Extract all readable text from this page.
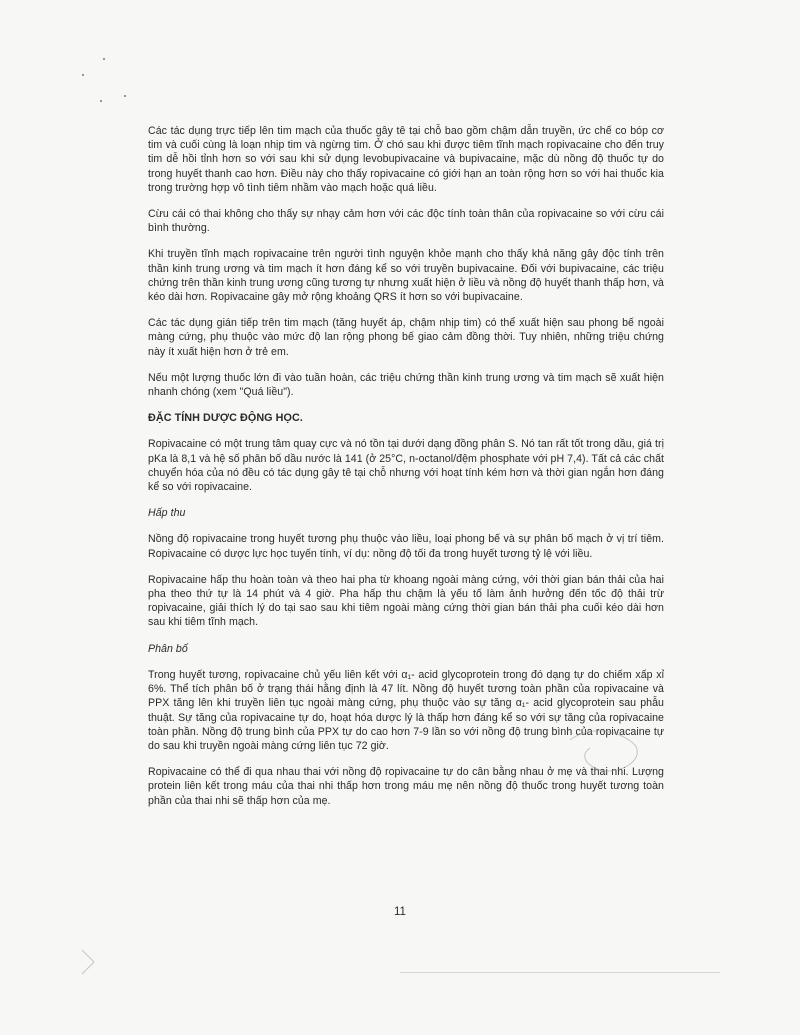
Các tác dụng trực tiếp lên tim mạch của thuốc gây tê tại chỗ bao gồm chậm dẫn truyền, ức chế co bóp cơ tim và cuối cùng là loạn nhịp tim và ngừng tim. Ở chó sau khi được tiêm tĩnh mạch ropivacaine cho đến truy tim dễ hồi tỉnh hơn so với sau khi sử dụng levobupivacaine và bupivacaine, mặc dù nồng độ thuốc tự do trong huyết thanh cao hơn. Điều này cho thấy ropivacaine có giới hạn an toàn rộng hơn so với hai thuốc kia trong trường hợp vô tình tiêm nhầm vào mạch hoặc quá liều.

Cừu cái có thai không cho thấy sự nhạy cảm hơn với các độc tính toàn thân của ropivacaine so với cừu cái bình thường.

Khi truyền tĩnh mạch ropivacaine trên người tình nguyện khỏe mạnh cho thấy khả năng gây độc tính trên thần kinh trung ương và tim mạch ít hơn đáng kể so với truyền bupivacaine. Đối với bupivacaine, các triệu chứng trên thần kinh trung ương cũng tương tự nhưng xuất hiện ở liều và nồng độ huyết thanh thấp hơn, và kéo dài hơn. Ropivacaine gây mở rộng khoảng QRS ít hơn so với bupivacaine.

Các tác dụng gián tiếp trên tim mạch (tăng huyết áp, chậm nhịp tim) có thể xuất hiện sau phong bế ngoài màng cứng, phụ thuộc vào mức độ lan rộng phong bế giao cảm đồng thời. Tuy nhiên, những triệu chứng này ít xuất hiện hơn ở trẻ em.

Nếu một lượng thuốc lớn đi vào tuần hoàn, các triệu chứng thần kinh trung ương và tim mạch sẽ xuất hiện nhanh chóng (xem "Quá liều").

ĐẶC TÍNH DƯỢC ĐỘNG HỌC.

Ropivacaine có một trung tâm quay cực và nó tồn tại dưới dạng đồng phân S. Nó tan rất tốt trong dầu, giá trị pKa là 8,1 và hệ số phân bố dầu nước là 141 (ở 25°C, n-octanol/đệm phosphate với pH 7,4). Tất cả các chất chuyển hóa của nó đều có tác dụng gây tê tại chỗ nhưng với hoạt tính kém hơn và thời gian ngắn hơn đáng kể so với ropivacaine.

Hấp thu

Nồng độ ropivacaine trong huyết tương phụ thuộc vào liều, loại phong bế và sự phân bố mạch ở vị trí tiêm. Ropivacaine có dược lực học tuyến tính, ví dụ: nồng độ tối đa trong huyết tương tỷ lệ với liều.

Ropivacaine hấp thu hoàn toàn và theo hai pha từ khoang ngoài màng cứng, với thời gian bán thải của hai pha theo thứ tự là 14 phút và 4 giờ. Pha hấp thu chậm là yếu tố làm ảnh hưởng đến tốc độ thải trừ ropivacaine, giải thích lý do tại sao sau khi tiêm ngoài màng cứng thời gian bán thải pha cuối kéo dài hơn sau khi tiêm tĩnh mạch.

Phân bố

Trong huyết tương, ropivacaine chủ yếu liên kết với α₁- acid glycoprotein trong đó dạng tự do chiếm xấp xỉ 6%. Thể tích phân bố ở trạng thái hằng định là 47 lít. Nồng độ huyết tương toàn phần của ropivacaine và PPX tăng lên khi truyền liên tục ngoài màng cứng, phụ thuộc vào sự tăng α₁- acid glycoprotein sau phẫu thuật. Sự tăng của ropivacaine tự do, hoạt hóa dược lý là thấp hơn đáng kể so với sự tăng của ropivacaine toàn phần. Nồng độ trung bình của PPX tự do cao hơn 7-9 lần so với nồng độ trung bình của ropivacaine tự do sau khi truyền ngoài màng cứng liên tục 72 giờ.

Ropivacaine có thể đi qua nhau thai với nồng độ ropivacaine tự do cân bằng nhau ở mẹ và thai nhi. Lượng protein liên kết trong máu của thai nhi thấp hơn trong máu mẹ nên nồng độ thuốc trong huyết tương toàn phần của thai nhi sẽ thấp hơn của mẹ.

11
